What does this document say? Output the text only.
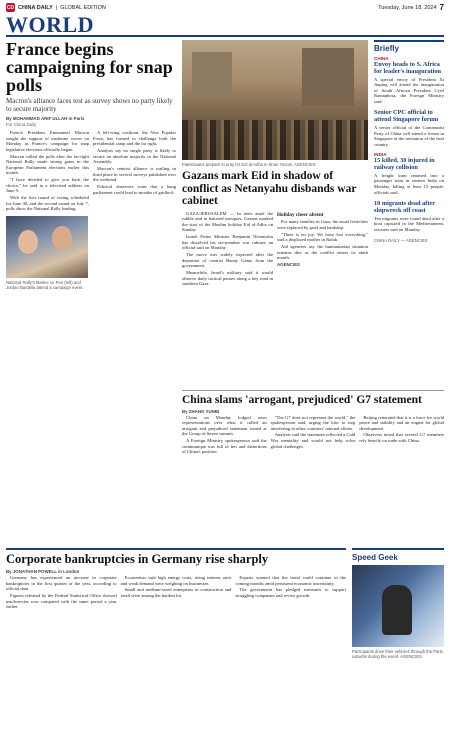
CD CHINA DAILY | GLOBAL EDITION	Tuesday, June 18, 2024 7
WORLD
France begins campaigning for snap polls
Macron's alliance faces test as survey shows no party likely to secure majority
By MOHAMMAD ARIF ULLAH in Paris
For China Daily

French President Emmanuel Macron sought the support of moderate voters on Monday as France's campaign for snap legislative elections officially began.

Macron called the polls after the far-right National Rally made strong gains in the European Parliament elections earlier this month.

"I have decided to give you back the choice," he said in a televised address on June 9.

With the first round of voting scheduled for June 30, and the second round on July 7, polls show the National Rally leading.

A left-wing coalition, the New Popular Front, has formed to challenge both the presidential camp and the far right.

Analysts say no single party is likely to secure an absolute majority in the National Assembly.

Macron's centrist alliance is trailing in third place in several surveys published over the weekend.

Political observers warn that a hung parliament could lead to months of gridlock.

National Rally's Marine Le Pen (left) and Jordan Bardella attend a campaign event.
Palestinians prepare to pray for Eid al-Adha in Khan Younis. AGENCIES
Gazans mark Eid in shadow of conflict as Netanyahu disbands war cabinet

GAZA/JERUSALEM — In tents amid the rubble and in battered mosques, Gazans marked the start of the Muslim holiday Eid al-Adha on Sunday.

Israeli Prime Minister Benjamin Netanyahu has dissolved his six-member war cabinet, an official said on Monday.

The move was widely expected after the departure of centrist Benny Gantz from the government.

Meanwhile, Israel's military said it would observe daily tactical pauses along a key road in southern Gaza.

Holiday cheer absent

For many families in Gaza, the usual festivities were replaced by grief and hardship.

"There is no joy. We have lost everything," said a displaced mother in Rafah.

Aid agencies say the humanitarian situation remains dire as the conflict enters its ninth month.

AGENCIES

Briefly
CHINA
Envoy heads to S. Africa for leader's inauguration

A special envoy of President Xi Jinping will attend the inauguration of South African President Cyril Ramaphosa, the Foreign Ministry said.

Senior CPC official to attend Singapore forum

A senior official of the Communist Party of China will attend a forum in Singapore at the invitation of the host country.

INDIA
15 killed, 30 injured in railway collision

A freight train rammed into a passenger train in eastern India on Monday, killing at least 15 people, officials said.

10 migrants dead after shipwreck off coast

Ten migrants were found dead after a boat capsized in the Mediterranean, rescuers said on Monday.

CHINA DAILY — AGENCIES
China slams 'arrogant, prejudiced' G7 statement
By ZHANG YUNBI

China on Monday lodged stern representations over what it called an arrogant and prejudiced statement issued at the Group of Seven summit.

A Foreign Ministry spokesperson said the communique was full of lies and distortions of China's position.

"The G7 does not represent the world," the spokesperson said, urging the bloc to stop interfering in other countries' internal affairs.

Analysts said the statement reflected a Cold War mentality and would not help solve global challenges.

Beijing reiterated that it is a force for world peace and stability and an engine for global development.

Observers noted that several G7 members rely heavily on trade with China.

Corporate bankruptcies in Germany rise sharply
By JONATHAN POWELL in London

Germany has experienced an increase in corporate bankruptcies in the first quarter of the year, according to official data.

Figures released by the Federal Statistical Office showed insolvencies rose compared with the same period a year earlier.

Economists said high energy costs, rising interest rates and weak demand were weighing on businesses.

Small and medium-sized enterprises in construction and retail were among the hardest hit.

Experts warned that the trend could continue in the coming months amid persistent economic uncertainty.

The government has pledged measures to support struggling companies and revive growth.

Speed Geek
Participants drive their vehicles through the Paris suburbs during the event. AGENCIES
